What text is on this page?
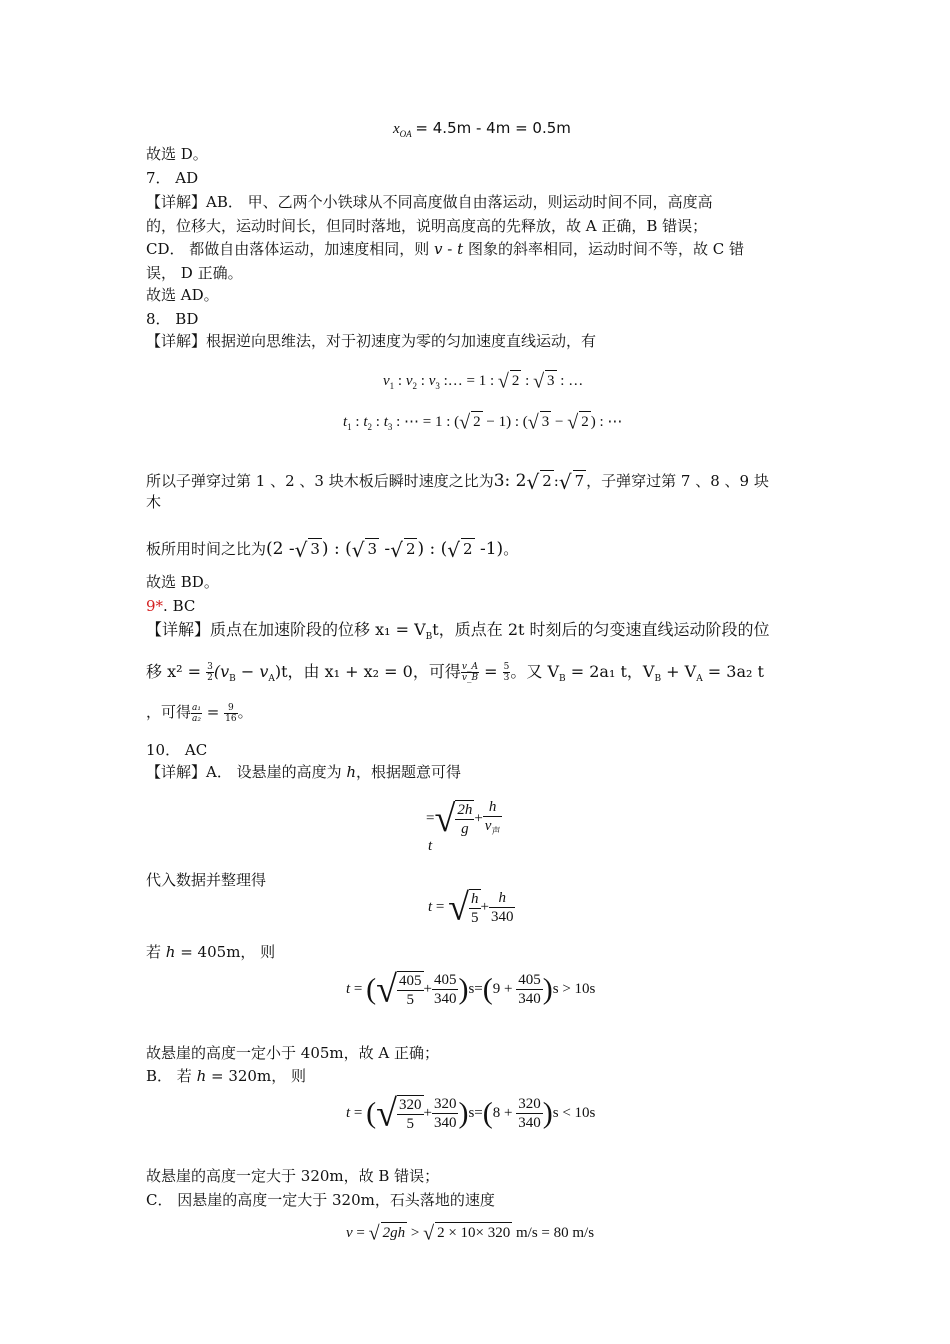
$x_{OA} = 4.5m - 4m = 0.5m$
故选 D。
7． AD
【详解】AB． 甲、乙两个小铁球从不同高度做自由落运动，则运动时间不同，高度高
的，位移大，运动时间长，但同时落地，说明高度高的先释放，故 A 正确，B 错误；
CD． 都做自由落体运动，加速度相同，则 v - t 图象的斜率相同，运动时间不等，故 C 错
误， D 正确。
故选 AD。
8． BD
【详解】根据逆向思维法，对于初速度为零的匀加速度直线运动，有
$v_1$ : $v_2$ : $v_3$ :… = 1 : √ 2 : √ 3 : …
$t_1$ : $t_2$ : $t_3$ : ⋯ = 1 : (√ 2 − 1) : (√ 3 − √ 2 ) : ⋯
所以子弹穿过第 1 、2 、3 块木板后瞬时速度之比为3: 2√ 2 :√ 7 ，子弹穿过第 7 、8 、9 块
木
板所用时间之比为(2 -√ 3 ) : (√ 3 -√ 2 ) : (√ 2 -1)。
故选 BD。
9*. BC
【详解】质点在加速阶段的位移 $x_1 = V_Bt$，质点在 2t 时刻后的匀变速直线运动阶段的位
移 $x^2 = \frac{3}{2} (v_B - v_A)t$，由 x₁ + x₂ = 0，可得 $\frac{v\_A}{v\_B} = \frac{5}{3}$ 。又 $V_B = 2a_1$ t，$V_B + V_A = 3a_2$ t
，可得 $\frac{\text{a₁}}{\text{a₂}} = \frac{9}{16}$ 。
10． AC
【详解】A． 设悬崖的高度为 h，根据题意可得
=√ $\frac{2h}{g} + \frac{h}{v_声}$
t
代入数据并整理得
t = √ $\frac{h}{5} + \frac{h}{340}$
若 h = 405m， 则
t = (√ $\frac{405}{5} + \frac{405}{340} )s=(9 + \frac{405}{340} )s > 10s$
故悬崖的高度一定小于 405m，故 A 正确；
B． 若 h = 320m， 则
t = (√ $\frac{320}{5} + \frac{320}{340} )s=(8 + \frac{320}{340} )s < 10s$
故悬崖的高度一定大于 320m，故 B 错误；
C． 因悬崖的高度一定大于 320m，石头落地的速度
v = √ 2gh > √ 2 × 10× 320 m/s = 80 m/s
